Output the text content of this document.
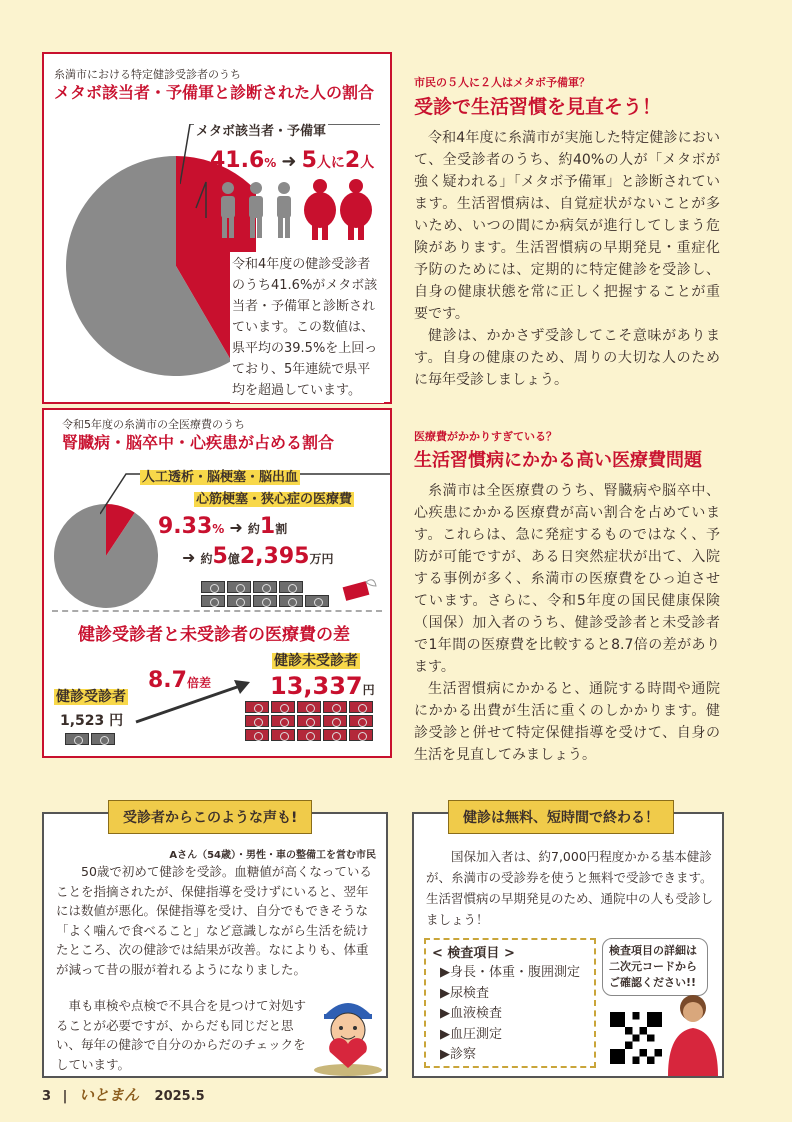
糸満市における特定健診受診者のうち
メタボ該当者・予備軍と診断された人の割合
メタボ該当者・予備軍
41.6% ➜ 5人に2人
令和4年度の健診受診者のうち41.6%がメタボ該当者・予備軍と診断されています。この数値は、県平均の39.5%を上回っており、5年連続で県平均を超過しています。
令和5年度の糸満市の全医療費のうち
腎臓病・脳卒中・心疾患が占める割合
人工透析・脳梗塞・脳出血
心筋梗塞・狭心症の医療費
9.33% ➜ 約1割
➜ 約5億2,395万円

健診受診者と未受診者の医療費の差
健診未受診者
8.7倍差 13,337円
健診受診者
1,523 円

市民の５人に２人はメタボ予備軍？
受診で生活習慣を見直そう！
令和4年度に糸満市が実施した特定健診において、全受診者のうち、約40%の人が「メタボが強く疑われる」「メタボ予備軍」と診断されています。生活習慣病は、自覚症状がないことが多いため、いつの間にか病気が進行してしまう危険があります。生活習慣病の早期発見・重症化予防のためには、定期的に特定健診を受診し、自身の健康状態を常に正しく把握することが重要です。
健診は、かかさず受診してこそ意味があります。自身の健康のため、周りの大切な人のために毎年受診しましょう。
医療費がかかりすぎている？
生活習慣病にかかる高い医療費問題
糸満市は全医療費のうち、腎臓病や脳卒中、心疾患にかかる医療費が高い割合を占めています。これらは、急に発症するものではなく、予防が可能ですが、ある日突然症状が出て、入院する事例が多く、糸満市の医療費をひっ迫させています。さらに、令和5年度の国民健康保険（国保）加入者のうち、健診受診者と未受診者で1年間の医療費を比較すると8.7倍の差があります。
生活習慣病にかかると、通院する時間や通院にかかる出費が生活に重くのしかかります。健診受診と併せて特定保健指導を受けて、自身の生活を見直してみましょう。
Aさん（54歳）・男性・車の整備工を営む市民
50歳で初めて健診を受診。血糖値が高くなっていることを指摘されたが、保健指導を受けずにいると、翌年には数値が悪化。保健指導を受け、自分でもできそうな「よく噛んで食べること」など意識しながら生活を続けたところ、次の健診では結果が改善。なによりも、体重が減って昔の服が着れるようになりました。
車も車検や点検で不具合を見つけて対処することが必要ですが、からだも同じだと思い、毎年の健診で自分のからだのチェックをしています。
受診者からこのような声も!
国保加入者は、約7,000円程度かかる基本健診が、糸満市の受診券を使うと無料で受診できます。生活習慣病の早期発見のため、通院中の人も受診しましょう！
< 検査項目 >
▶身長・体重・腹囲測定
▶尿検査
▶血液検査
▶血圧測定
▶診察
検査項目の詳細は二次元コードからご確認ください!!
健診は無料、短時間で終わる！
3 | いとまん 2025.5
